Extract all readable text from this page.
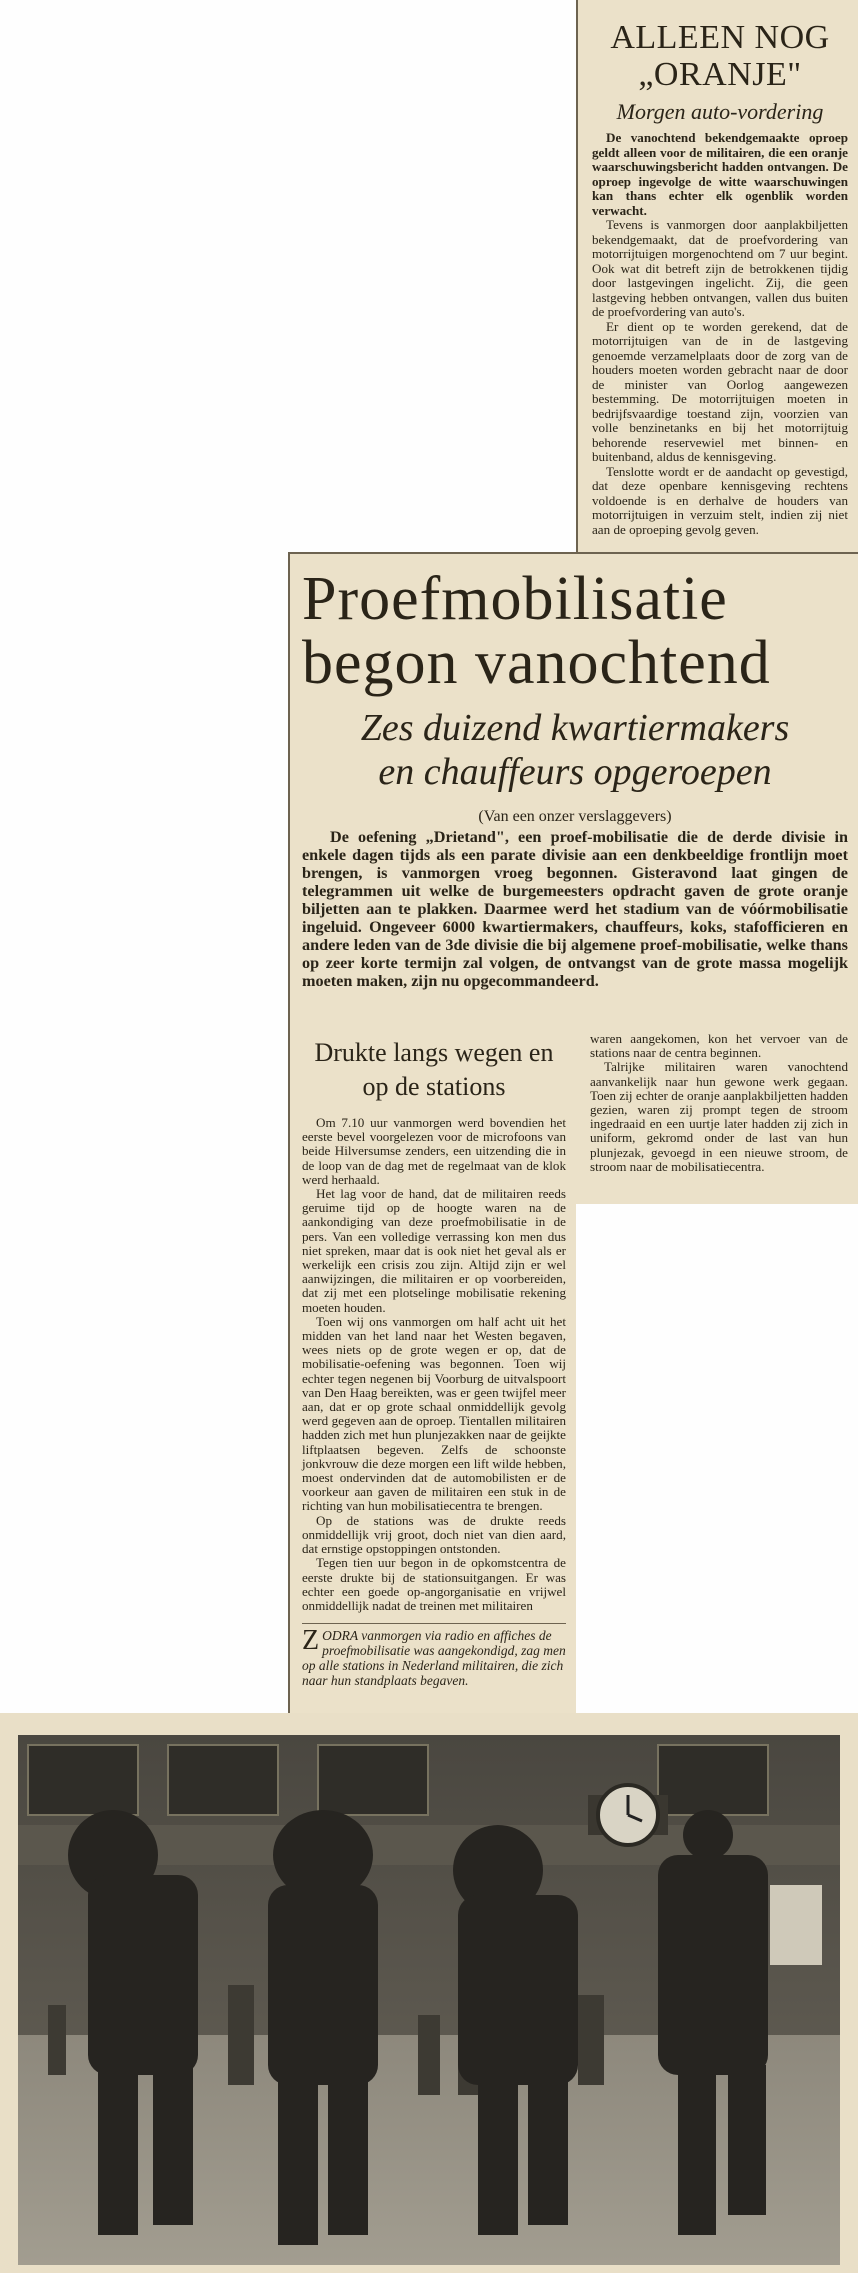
ALLEEN NOG
„ORANJE"
Morgen auto-vordering

De vanochtend bekendgemaakte oproep geldt alleen voor de militairen, die een oranje waarschuwingsbericht hadden ontvangen. De oproep ingevolge de witte waarschuwingen kan thans echter elk ogenblik worden verwacht.

Tevens is vanmorgen door aanplakbiljetten bekendgemaakt, dat de proefvordering van motorrijtuigen morgenochtend om 7 uur begint. Ook wat dit betreft zijn de betrokkenen tijdig door lastgevingen ingelicht. Zij, die geen lastgeving hebben ontvangen, vallen dus buiten de proefvordering van auto's.

Er dient op te worden gerekend, dat de motorrijtuigen van de in de lastgeving genoemde verzamelplaats door de zorg van de houders moeten worden gebracht naar de door de minister van Oorlog aangewezen bestemming. De motorrijtuigen moeten in bedrijfsvaardige toestand zijn, voorzien van volle benzinetanks en bij het motorrijtuig behorende reservewiel met binnen- en buitenband, aldus de kennisgeving.

Tenslotte wordt er de aandacht op gevestigd, dat deze openbare kennisgeving rechtens voldoende is en derhalve de houders van motorrijtuigen in verzuim stelt, indien zij niet aan de oproeping gevolg geven.

Proefmobilisatie
begon vanochtend
Zes duizend kwartiermakers
en chauffeurs opgeroepen
(Van een onzer verslaggevers)

De oefening „Drietand", een proef-mobilisatie die de derde divisie in enkele dagen tijds als een parate divisie aan een denkbeeldige frontlijn moet brengen, is vanmorgen vroeg begonnen. Gisteravond laat gingen de telegrammen uit welke de burgemeesters opdracht gaven de grote oranje biljetten aan te plakken. Daarmee werd het stadium van de vóórmobilisatie ingeluid. Ongeveer 6000 kwartiermakers, chauffeurs, koks, stafofficieren en andere leden van de 3de divisie die bij algemene proef-mobilisatie, welke thans op zeer korte termijn zal volgen, de ontvangst van de grote massa mogelijk moeten maken, zijn nu opgecommandeerd.

Drukte langs wegen en
op de stations

Om 7.10 uur vanmorgen werd bovendien het eerste bevel voorgelezen voor de microfoons van beide Hilversumse zenders, een uitzending die in de loop van de dag met de regelmaat van de klok werd herhaald.

Het lag voor de hand, dat de militairen reeds geruime tijd op de hoogte waren na de aankondiging van deze proefmobilisatie in de pers. Van een volledige verrassing kon men dus niet spreken, maar dat is ook niet het geval als er werkelijk een crisis zou zijn. Altijd zijn er wel aanwijzingen, die militairen er op voorbereiden, dat zij met een plotselinge mobilisatie rekening moeten houden.

Toen wij ons vanmorgen om half acht uit het midden van het land naar het Westen begaven, wees niets op de grote wegen er op, dat de mobilisatie-oefening was begonnen. Toen wij echter tegen negenen bij Voorburg de uitvalspoort van Den Haag bereikten, was er geen twijfel meer aan, dat er op grote schaal onmiddellijk gevolg werd gegeven aan de oproep. Tientallen militairen hadden zich met hun plunjezakken naar de geijkte liftplaatsen begeven. Zelfs de schoonste jonkvrouw die deze morgen een lift wilde hebben, moest ondervinden dat de automobilisten er de voorkeur aan gaven de militairen een stuk in de richting van hun mobilisatiecentra te brengen.

Op de stations was de drukte reeds onmiddellijk vrij groot, doch niet van dien aard, dat ernstige opstoppingen ontstonden.

Tegen tien uur begon in de opkomstcentra de eerste drukte bij de stationsuitgangen. Er was echter een goede op-angorganisatie en vrijwel onmiddellijk nadat de treinen met militairen

ZODRA vanmorgen via radio en affiches de proefmobilisatie was aangekondigd, zag men op alle stations in Nederland militairen, die zich naar hun standplaats begaven.

waren aangekomen, kon het vervoer van de stations naar de centra beginnen.

Talrijke militairen waren vanochtend aanvankelijk naar hun gewone werk gegaan. Toen zij echter de oranje aanplakbiljetten hadden gezien, waren zij prompt tegen de stroom ingedraaid en een uurtje later hadden zij zich in uniform, gekromd onder de last van hun plunjezak, gevoegd in een nieuwe stroom, de stroom naar de mobilisatiecentra.
